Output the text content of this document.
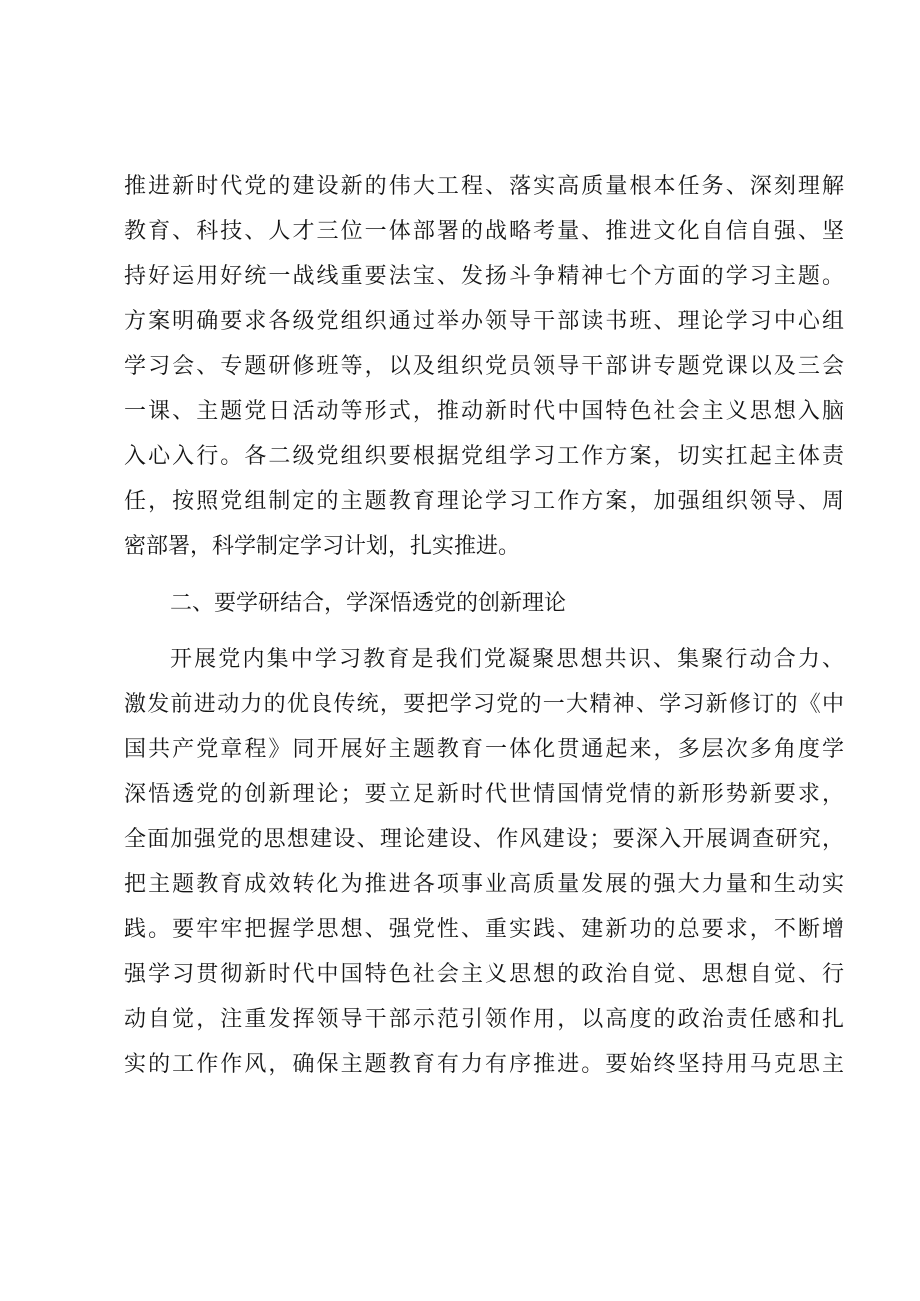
推进新时代党的建设新的伟大工程、落实高质量根本任务、深刻理解
教育、科技、人才三位一体部署的战略考量、推进文化自信自强、坚
持好运用好统一战线重要法宝、发扬斗争精神七个方面的学习主题。
方案明确要求各级党组织通过举办领导干部读书班、理论学习中心组
学习会、专题研修班等，以及组织党员领导干部讲专题党课以及三会
一课、主题党日活动等形式，推动新时代中国特色社会主义思想入脑
入心入行。各二级党组织要根据党组学习工作方案，切实扛起主体责
任，按照党组制定的主题教育理论学习工作方案，加强组织领导、周
密部署，科学制定学习计划，扎实推进。
二、要学研结合，学深悟透党的创新理论
开展党内集中学习教育是我们党凝聚思想共识、集聚行动合力、
激发前进动力的优良传统，要把学习党的一大精神、学习新修订的《中
国共产党章程》同开展好主题教育一体化贯通起来，多层次多角度学
深悟透党的创新理论；要立足新时代世情国情党情的新形势新要求，
全面加强党的思想建设、理论建设、作风建设；要深入开展调查研究，
把主题教育成效转化为推进各项事业高质量发展的强大力量和生动实
践。要牢牢把握学思想、强党性、重实践、建新功的总要求，不断增
强学习贯彻新时代中国特色社会主义思想的政治自觉、思想自觉、行
动自觉，注重发挥领导干部示范引领作用，以高度的政治责任感和扎
实的工作作风，确保主题教育有力有序推进。要始终坚持用马克思主
